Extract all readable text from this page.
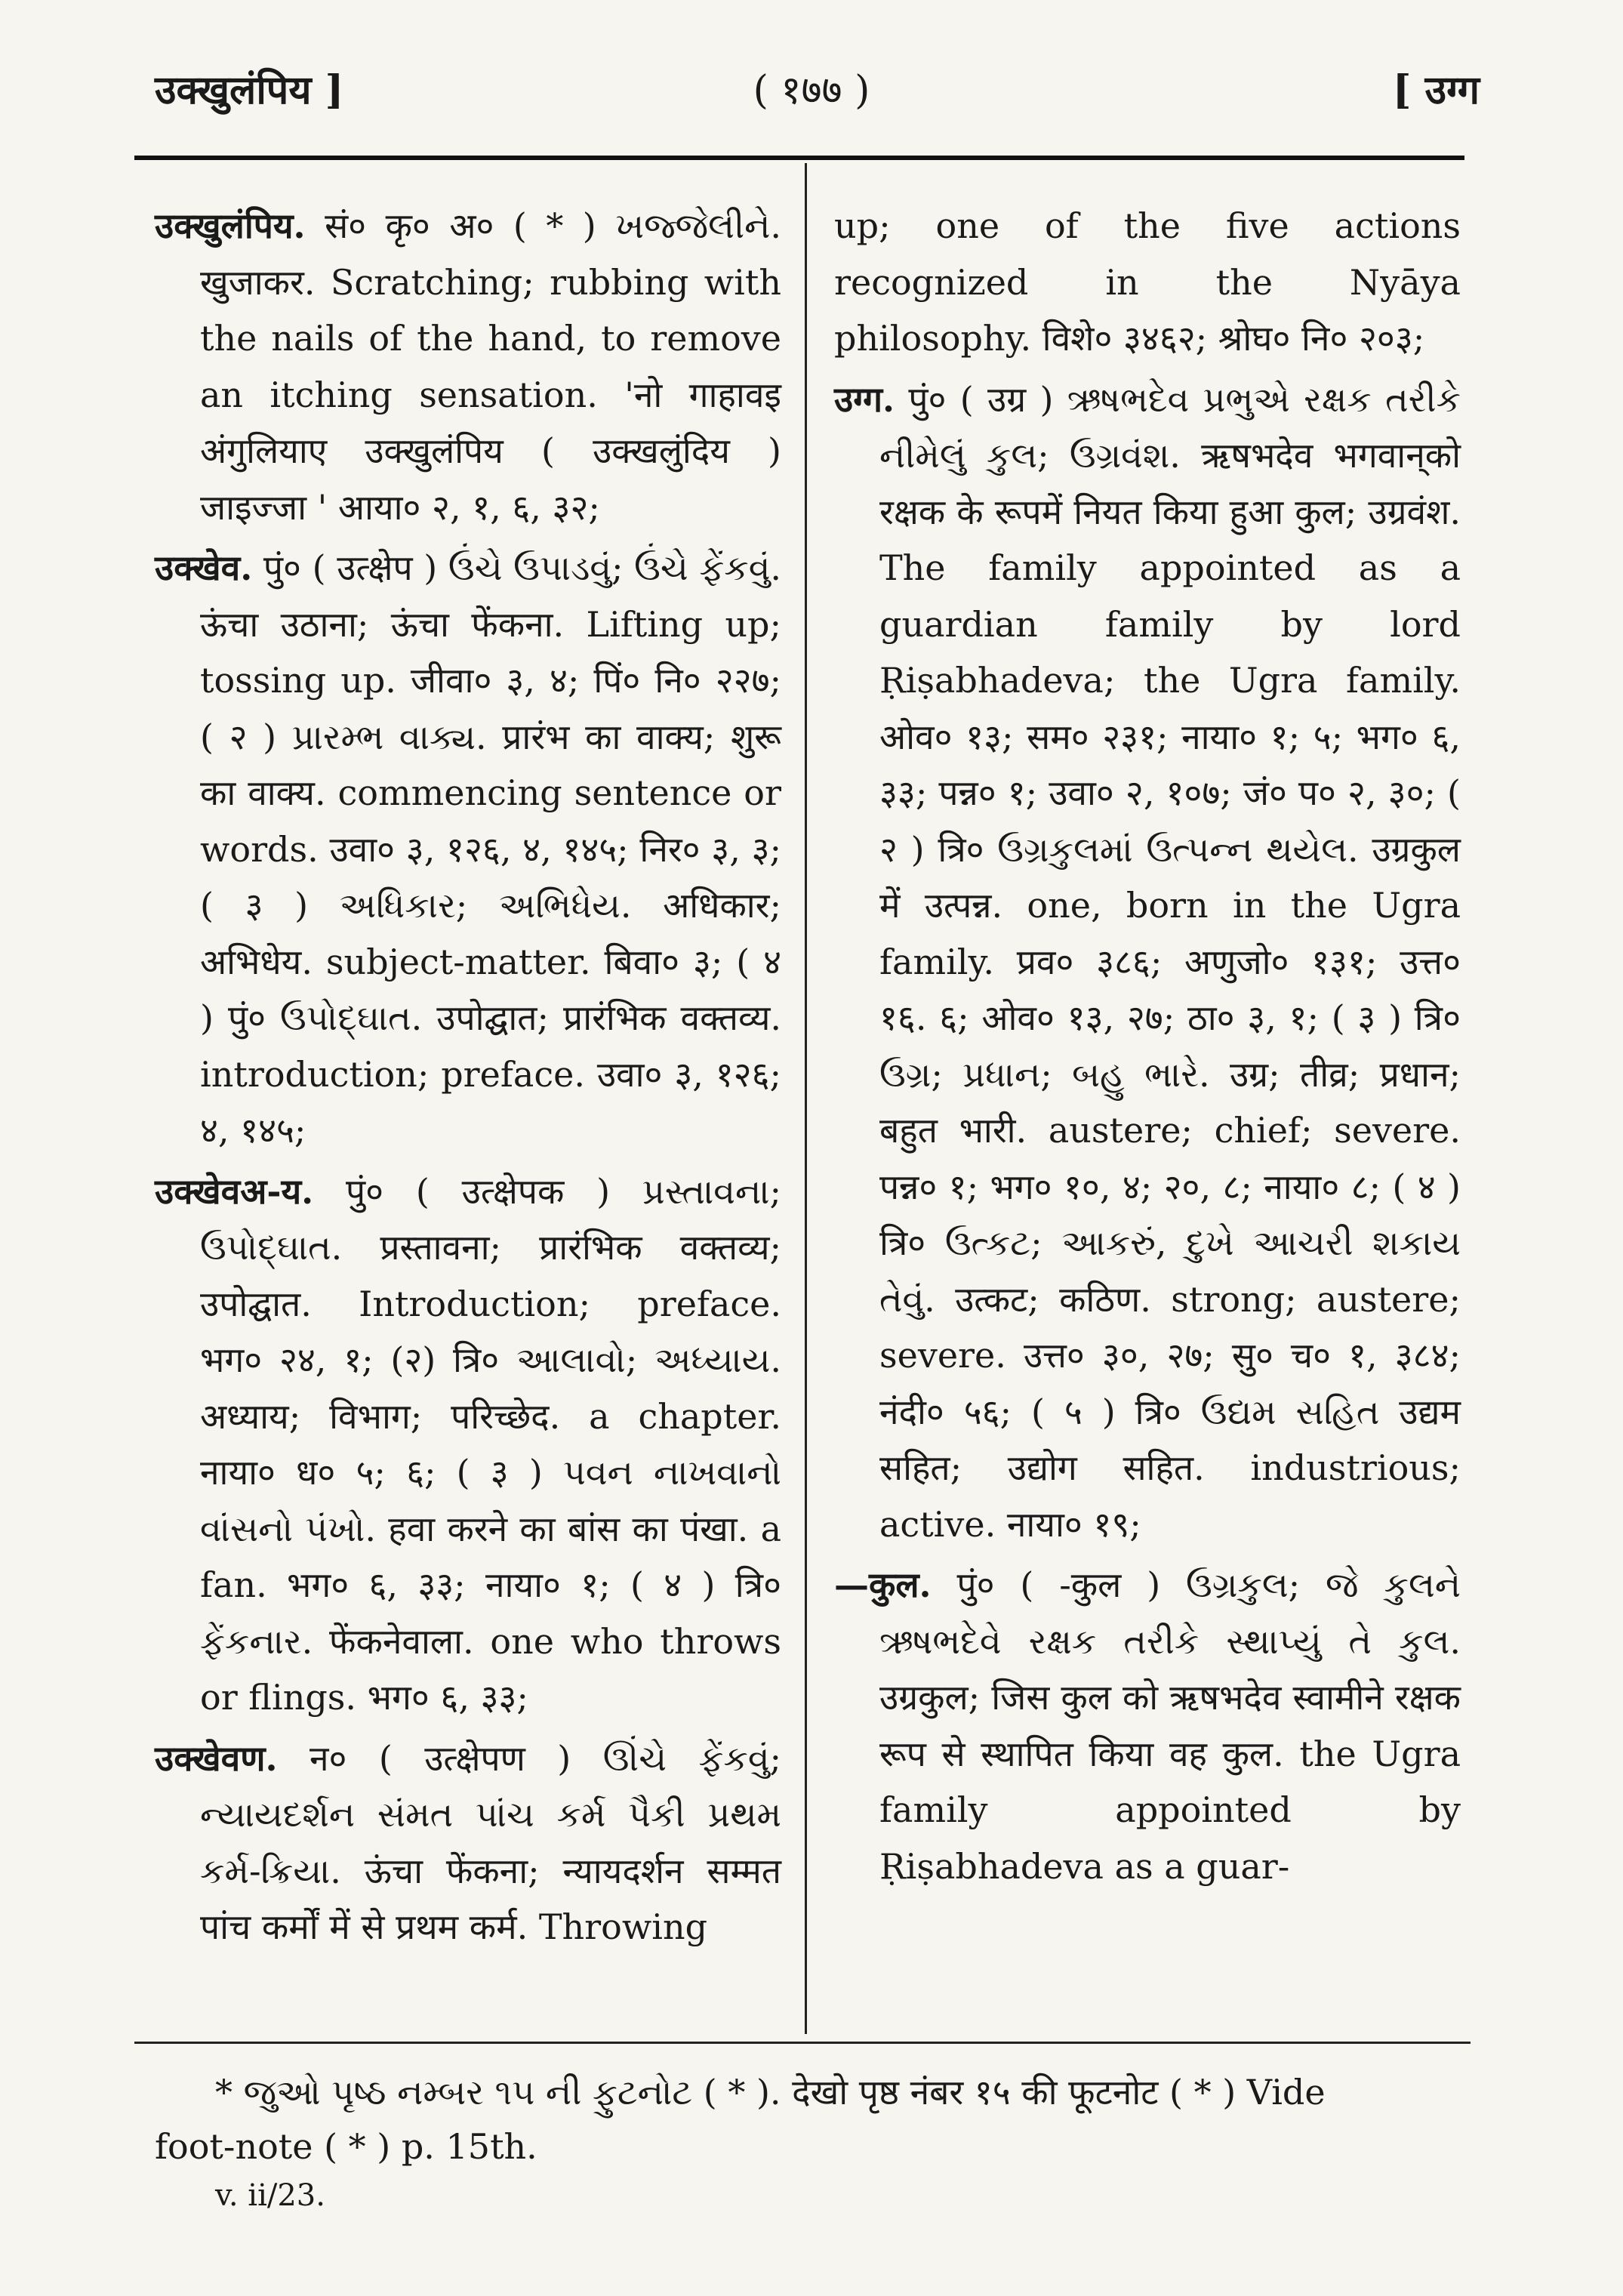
उक्खुलंपिय ]	( १७७ )	[ उग्ग

उक्खुलंपिय. सं० कृ० अ० ( * ) ખજ્જેલીને. खुजाकर. Scratching; rubbing with the nails of the hand, to remove an itching sensation. 'नो गाहावइ अंगुलियाए उक्खुलंपिय ( उक्खलुंदिय ) जाइज्जा ' आया० २, १, ६, ३२;

उक्खेव. पुं० ( उत्क्षेप ) ઉંચે ઉપાડવું; ઉંચે ફેંકવું. ऊंचा उठाना; ऊंचा फेंकना. Lifting up; tossing up. जीवा० ३, ४; पिं० नि० २२७; ( २ ) પ્રારમ્ભ વાક્ય. प्रारंभ का वाक्य; शुरू का वाक्य. commencing sentence or words. उवा० ३, १२६, ४, १४५; निर० ३, ३; ( ३ ) અધિકાર; અભિધેય. अधिकार; अभिधेय. subject-matter. बिवा० ३; ( ४ ) पुं० ઉપોદ્ઘાત. उपोद्घात; प्रारंभिक वक्तव्य. introduction; preface. उवा० ३, १२६; ४, १४५;

उक्खेवअ-य. पुं० ( उत्क्षेपक ) પ્રસ્તાવના; ઉપોદ્ઘાત. प्रस्तावना; प्रारंभिक वक्तव्य; उपोद्घात. Introduction; preface. भग० २४, १; (२) त्रि० આલાવો; અધ્યાય. अध्याय; विभाग; परिच्छेद. a chapter. नाया० ध० ५; ६; ( ३ ) પવન નાખવાનો વાંસનો પંખો. हवा करने का बांस का पंखा. a fan. भग० ६, ३३; नाया० १; ( ४ ) त्रि० ફેંકનાર. फेंकनेवाला. one who throws or flings. भग० ६, ३३;

उक्खेवण. न० ( उत्क्षेपण ) ઊંચે ફેંકવું; ન્યાયદર્શન સંમત પાંચ કર્મ પૈકી પ્રથમ કર્મ-ક્રિયા. ऊंचा फेंकना; न्यायदर्शन सम्मत पांच कर्मों में से प्रथम कर्म. Throwing

up; one of the five actions recognized in the Nyāya philosophy. विशे० ३४६२; श्रोघ० नि० २०३;

उग्ग. पुं० ( उग्र ) ઋષભદેવ પ્રભુએ રક્ષક તરીકે નીમેલું કુલ; ઉગ્રવંશ. ऋषभदेव भगवान्‌को रक्षक के रूपमें नियत किया हुआ कुल; उग्रवंश. The family appointed as a guardian family by lord Ṛiṣabhadeva; the Ugra family. ओव० १३; सम० २३१; नाया० १; ५; भग० ६, ३३; पन्न० १; उवा० २, १०७; जं० प० २, ३०; ( २ ) त्रि० ઉગ્રકુલમાં ઉત્પન્ન થયેલ. उग्रकुल में उत्पन्न. one, born in the Ugra family. प्रव० ३८६; अणुजो० १३१; उत्त० १६. ६; ओव० १३, २७; ठा० ३, १; ( ३ ) त्रि० ઉગ્ર; પ્રધાન; બહુ ભારે. उग्र; तीव्र; प्रधान; बहुत भारी. austere; chief; severe. पन्न० १; भग० १०, ४; २०, ८; नाया० ८; ( ४ ) त्रि० ઉત્કટ; આકરું, દુખે આચરી શકાય તેવું. उत्कट; कठिण. strong; austere; severe. उत्त० ३०, २७; सु० च० १, ३८४; नंदी० ५६; ( ५ ) त्रि० ઉદ્યમ સહિત उद्यम सहित; उद्योग सहित. industrious; active. नाया० १९;

—कुल. पुं० ( -कुल ) ઉગ્રકુલ; જે કુલને ઋષભદેવે રક્ષક તરીકે સ્થાપ્યું તે કુલ. उग्रकुल; जिस कुल को ऋषभदेव स्वामीने रक्षक रूप से स्थापित किया वह कुल. the Ugra family appointed by Ṛiṣabhadeva as a guar-

* જુઓ પૃષ્ઠ નમ્બર ૧૫ ની ફુટનોટ ( * ). देखो पृष्ठ नंबर १५ की फूटनोट ( * ) Vide

foot-note ( * ) p. 15th.

v. ii/23.
